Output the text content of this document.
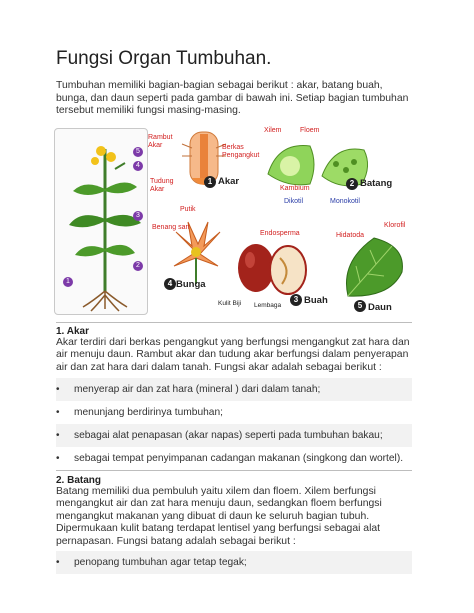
Fungsi Organ Tumbuhan.
Tumbuhan memiliki bagian-bagian sebagai berikut : akar, batang buah, bunga, dan daun seperti pada gambar di bawah ini. Setiap bagian tumbuhan tersebut memiliki fungsi masing-masing.
5
4
3
2
1
Rambut Akar	Berkas Pengangkut
Tudung Akar
1 Akar
Xilem	Floem
Kambium
Dikotil	Monokotil
2 Batang
Putik
Benang sari
4 Bunga
Endosperma
Kulit Biji Lembaga
3 Buah
Klorofil
Hidatoda
5 Daun
1. Akar
Akar terdiri dari berkas pengangkut yang berfungsi mengangkut zat hara dan air menuju daun. Rambut akar dan tudung akar berfungsi dalam penyerapan air dan zat hara dari dalam tanah. Fungsi akar adalah sebagai berikut :
• menyerap air dan zat hara (mineral ) dari dalam tanah;
• menunjang berdirinya tumbuhan;
• sebagai alat penapasan (akar napas) seperti pada tumbuhan bakau;
• sebagai tempat penyimpanan cadangan makanan (singkong dan wortel).
2. Batang
Batang memiliki dua pembuluh yaitu xilem dan floem. Xilem berfungsi mengangkut air dan zat hara menuju daun, sedangkan floem berfungsi mengangkut makanan yang dibuat di daun ke seluruh bagian tubuh. Dipermukaan kulit batang terdapat lentisel yang berfungsi sebagai alat pernapasan. Fungsi batang adalah sebagai berikut :
• penopang tumbuhan agar tetap tegak;
